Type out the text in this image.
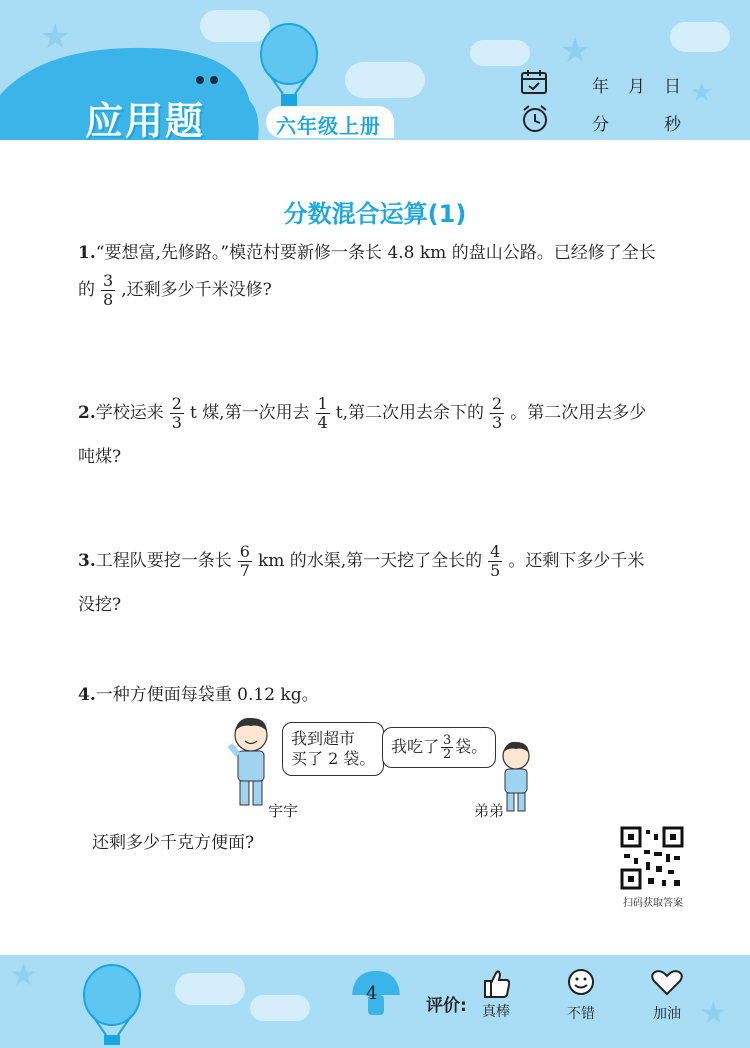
★	★
★
应用题	六年级上册
年 月 日
分	秒
分数混合运算(1)
1.“要想富,先修路。”模范村要新修一条长 4.8 km 的盘山公路。已经修了全长
的 $\frac{3}{8}$ ,还剩多少千米没修?
2.学校运来 $\frac{2}{3}$ t 煤,第一次用去 $\frac{1}{4} t$,第二次用去余下的 $\frac{2}{3}$ 。第二次用去多少
吨煤?
3.工程队要挖一条长 $\frac{6}{7}$ km 的水渠,第一天挖了全长的 $\frac{4}{5}$ 。还剩下多少千米
没挖?
4.一种方便面每袋重 0.12 kg。
我到超市
买了 2 袋。
我吃了 $\frac{3}{2}$ 袋。
宇宇	弟弟
还剩多少千克方便面?
扫码获取答案
★
★
4
评价:	真棒	不错	加油
